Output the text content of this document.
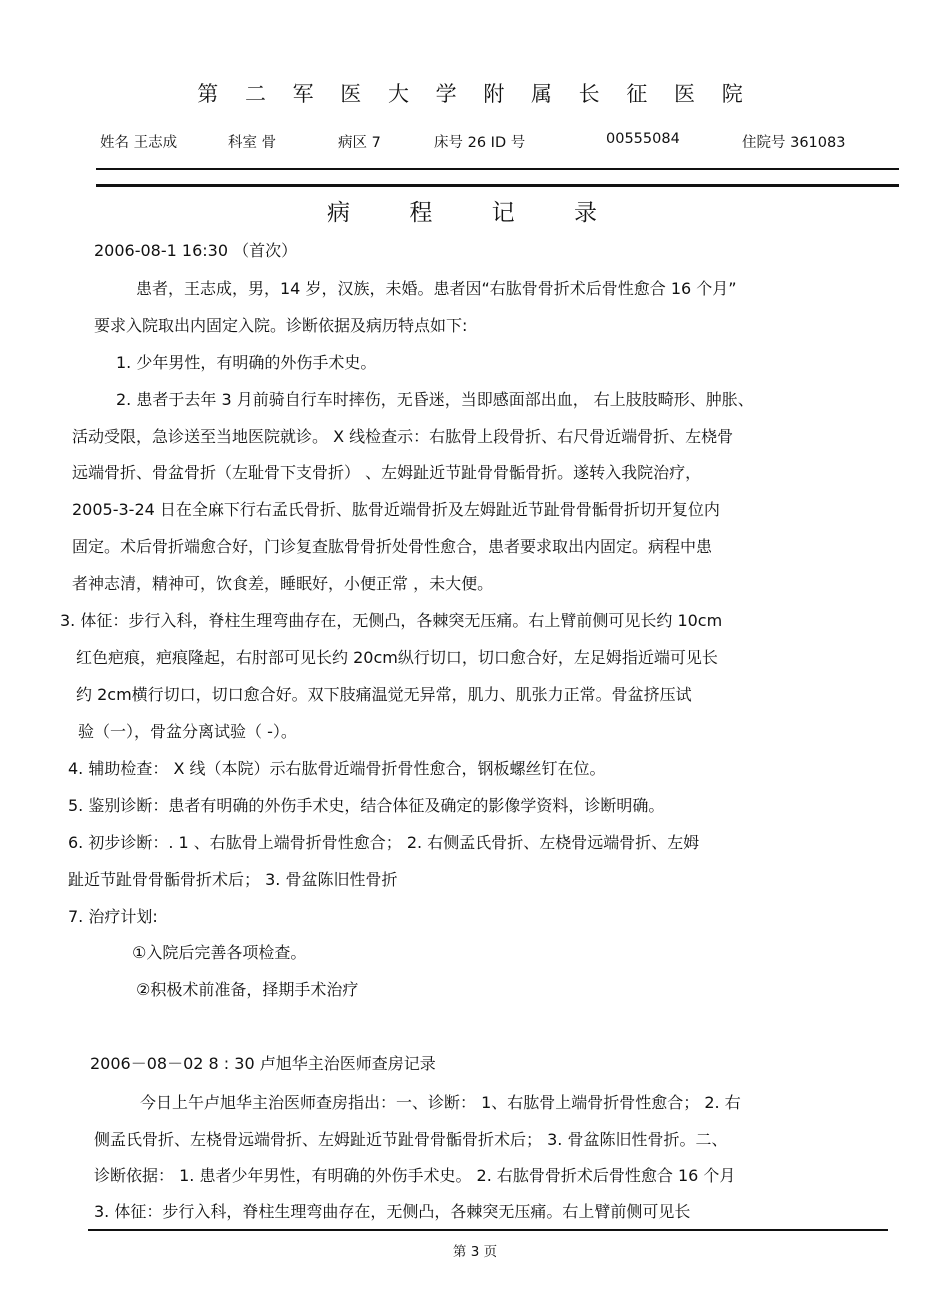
第 二 军 医 大 学 附 属 长 征 医 院
姓名 王志成	科室 骨	病区 7	床号 26 ID 号	00555084	住院号 361083
病 程 记 录
2006-08-1 16:30 （首次）
患者，王志成，男，14 岁，汉族，未婚。患者因“右肱骨骨折术后骨性愈合 16 个月”
要求入院取出内固定入院。诊断依据及病历特点如下:
1. 少年男性，有明确的外伤手术史。
2. 患者于去年 3 月前骑自行车时摔伤，无昏迷，当即感面部出血， 右上肢肢畸形、肿胀、
活动受限，急诊送至当地医院就诊。 X 线检查示：右肱骨上段骨折、右尺骨近端骨折、左桡骨
远端骨折、骨盆骨折（左耻骨下支骨折） 、左姆趾近节趾骨骨骺骨折。遂转入我院治疗，
2005-3-24 日在全麻下行右孟氏骨折、肱骨近端骨折及左姆趾近节趾骨骨骺骨折切开复位内
固定。术后骨折端愈合好，门诊复查肱骨骨折处骨性愈合，患者要求取出内固定。病程中患
者神志清，精神可，饮食差，睡眠好，小便正常 ，未大便。
3. 体征：步行入科，脊柱生理弯曲存在，无侧凸，各棘突无压痛。右上臂前侧可见长约 10cm
红色疤痕，疤痕隆起，右肘部可见长约 20cm纵行切口，切口愈合好，左足姆指近端可见长
约 2cm横行切口，切口愈合好。双下肢痛温觉无异常，肌力、肌张力正常。骨盆挤压试
验（一），骨盆分离试验（ -）。
4. 辅助检查： X 线（本院）示右肱骨近端骨折骨性愈合，钢板螺丝钉在位。
5. 鉴别诊断：患者有明确的外伤手术史，结合体征及确定的影像学资料，诊断明确。
6. 初步诊断：. 1 、右肱骨上端骨折骨性愈合； 2. 右侧孟氏骨折、左桡骨远端骨折、左姆
趾近节趾骨骨骺骨折术后； 3. 骨盆陈旧性骨折
7. 治疗计划:
①入院后完善各项检查。
②积极术前准备，择期手术治疗
2006－08－02 8 : 30 卢旭华主治医师查房记录
今日上午卢旭华主治医师查房指出：一、诊断： 1、右肱骨上端骨折骨性愈合； 2. 右
侧孟氏骨折、左桡骨远端骨折、左姆趾近节趾骨骨骺骨折术后； 3. 骨盆陈旧性骨折。二、
诊断依据： 1. 患者少年男性，有明确的外伤手术史。 2. 右肱骨骨折术后骨性愈合 16 个月
3. 体征：步行入科，脊柱生理弯曲存在，无侧凸，各棘突无压痛。右上臂前侧可见长
第 3 页
